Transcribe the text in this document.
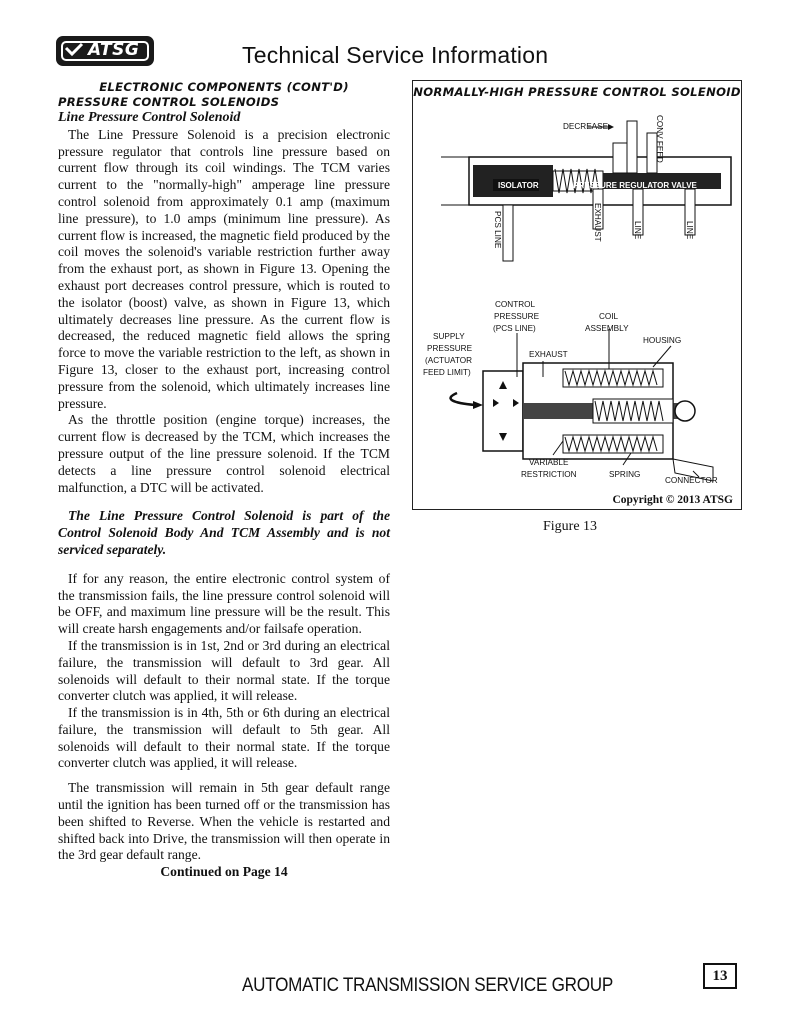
ATSG	Technical Service Information

ELECTRONIC COMPONENTS (CONT'D)

PRESSURE CONTROL SOLENOIDS

Line Pressure Control Solenoid

The Line Pressure Solenoid is a precision electronic pressure regulator that controls line pressure based on current flow through its coil windings. The TCM varies current to the "normally-high" amperage line pressure control solenoid from approximately 0.1 amp (maximum line pressure), to 1.0 amps (minimum line pressure). As current flow is increased, the magnetic field produced by the coil moves the solenoid's variable restriction further away from the exhaust port, as shown in Figure 13. Opening the exhaust port decreases control pressure, which is routed to the isolator (boost) valve, as shown in Figure 13, which ultimately decreases line pressure. As the current flow is decreased, the reduced magnetic field allows the spring force to move the variable restriction to the left, as shown in Figure 13, closer to the exhaust port, increasing control pressure from the solenoid, which ultimately increases line pressure.

As the throttle position (engine torque) increases, the current flow is decreased by the TCM, which increases the pressure output of the line pressure solenoid. If the TCM detects a line pressure control solenoid electrical malfunction, a DTC will be activated.

The Line Pressure Control Solenoid is part of the Control Solenoid Body And TCM Assembly and is not serviced separately.

If for any reason, the entire electronic control system of the transmission fails, the line pressure control solenoid will be OFF, and maximum line pressure will be the result. This will create harsh engagements and/or failsafe operation.

If the transmission is in 1st, 2nd or 3rd during an electrical failure, the transmission will default to 3rd gear. All solenoids will default to their normal state. If the torque converter clutch was applied, it will release.

If the transmission is in 4th, 5th or 6th during an electrical failure, the transmission will default to 5th gear. All solenoids will default to their normal state. If the torque converter clutch was applied, it will release.

The transmission will remain in 5th gear default range until the ignition has been turned off or the transmission has been shifted to Reverse. When the vehicle is restarted and shifted back into Drive, the transmission will then operate in the 3rd gear default range.

Continued on Page 14

NORMALLY-HIGH PRESSURE CONTROL SOLENOID
ISOLATOR	PRESSURE REGULATOR VALVE
DECREASE	CONV FEED
PCS LINE	EXHAUST	LINE	LINE
CONTROL
PRESSURE
(PCS LINE)
COIL
ASSEMBLY
SUPPLY
PRESSURE
(ACTUATOR
FEED LIMIT)
EXHAUST
HOUSING
VARIABLE
RESTRICTION	SPRING
CONNECTOR
Copyright © 2013 ATSG
Figure 13
AUTOMATIC TRANSMISSION SERVICE GROUP	13
